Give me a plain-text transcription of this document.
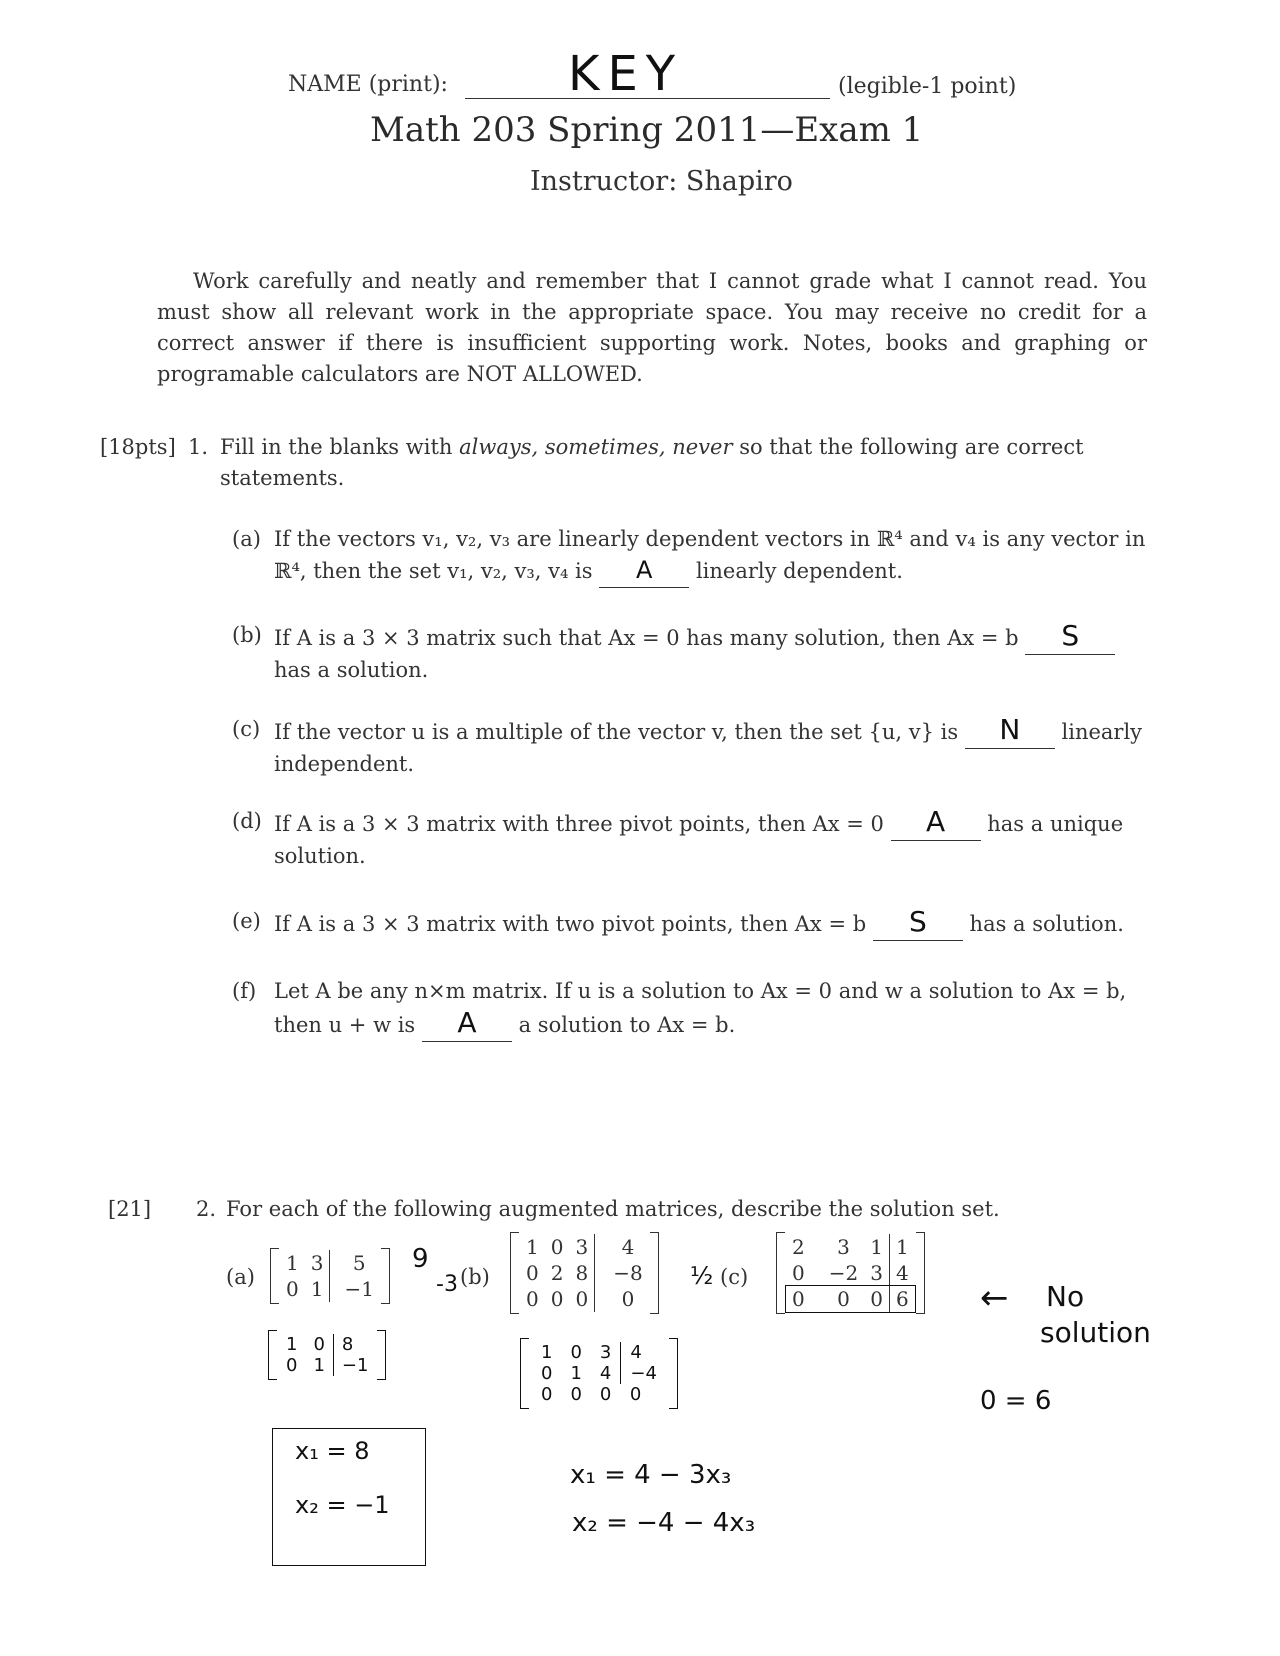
NAME (print):	KEY	(legible-1 point)
Math 203 Spring 2011—Exam 1
Instructor: Shapiro
Work carefully and neatly and remember that I cannot grade what I cannot read. You must show all relevant work in the appropriate space. You may receive no credit for a correct answer if there is insufficient supporting work. Notes, books and graphing or programable calculators are NOT ALLOWED.
[18pts] 1. Fill in the blanks with always, sometimes, never so that the following are correct statements.
(a) If the vectors v₁, v₂, v₃ are linearly dependent vectors in ℝ⁴ and v₄ is any vector in ℝ⁴, then the set v₁, v₂, v₃, v₄ is A linearly dependent.
(b) If A is a 3 × 3 matrix such that Ax = 0 has many solution, then Ax = b S has a solution.
(c) If the vector u is a multiple of the vector v, then the set {u, v} is N linearly independent.
(d) If A is a 3 × 3 matrix with three pivot points, then Ax = 0 A has a unique solution.
(e) If A is a 3 × 3 matrix with two pivot points, then Ax = b S has a solution.
(f) Let A be any n×m matrix. If u is a solution to Ax = 0 and w a solution to Ax = b, then u + w is A a solution to Ax = b.
[21] 2. For each of the following augmented matrices, describe the solution set.
(a)
1	3	5
0	1	−1
9
-3
1	0	8
0	1	−1
x₁ = 8
x₂ = −1
(b)
1	0	3	4
0	2	8	−8
0	0	0	0
½
1	0	3	4
0	1	4	−4
0	0	0	0
x₁ = 4 − 3x₃
x₂ = −4 − 4x₃
(c)
2	3	1	1
0	−2	3	4
0	0	0	6 ← No
solution
0 = 6
